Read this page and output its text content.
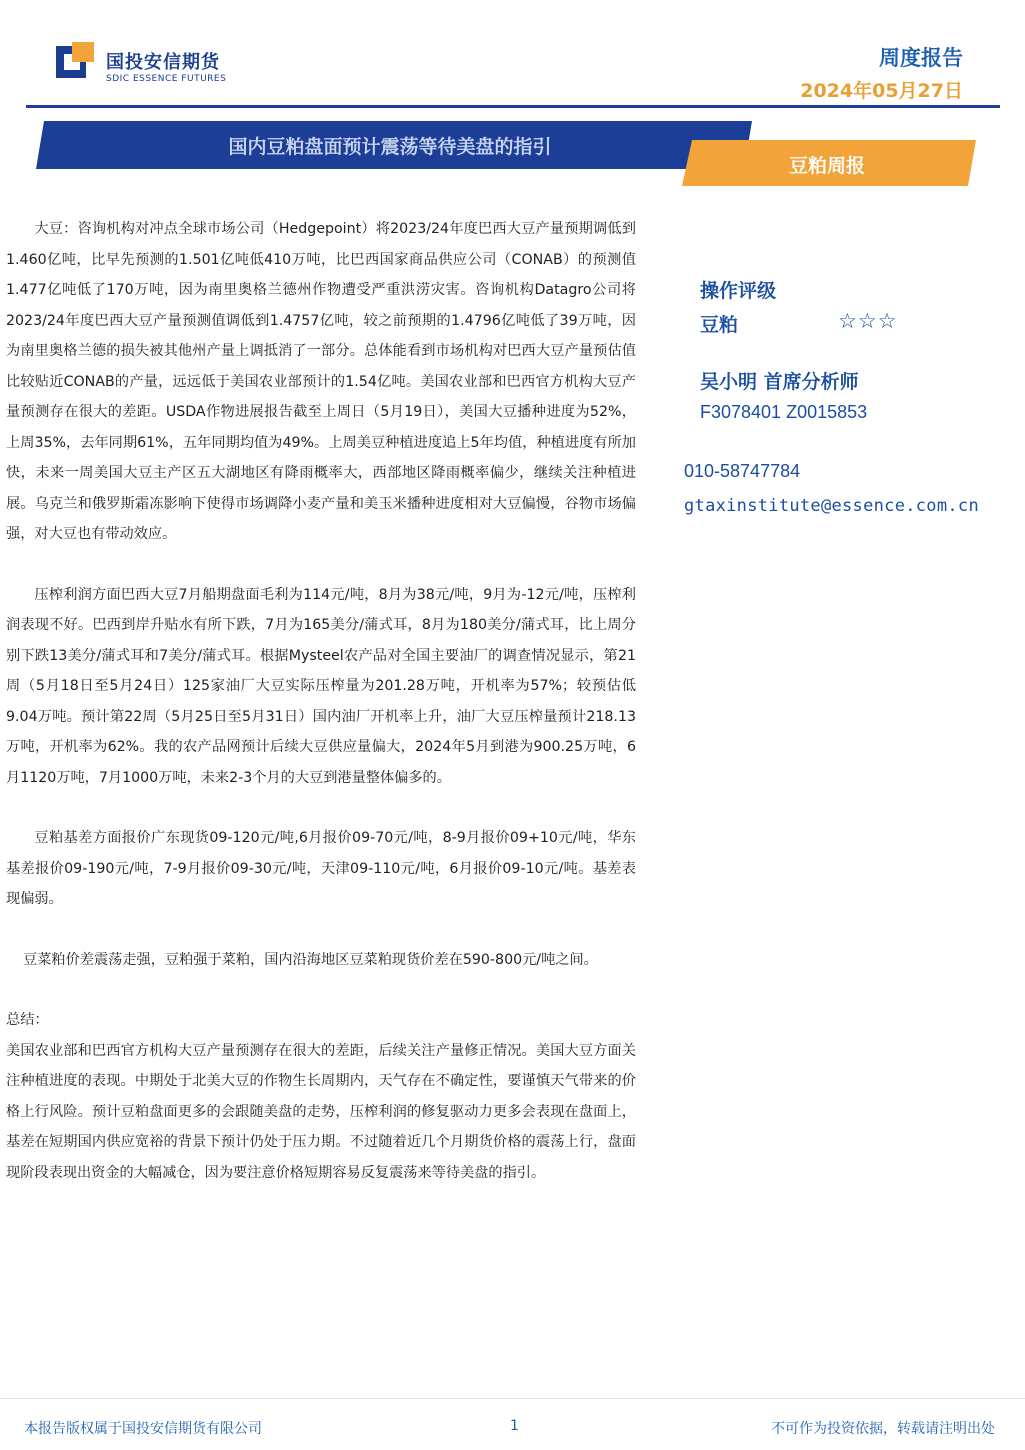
国投安信期货
SDIC ESSENCE FUTURES
周度报告
2024年05月27日
国内豆粕盘面预计震荡等待美盘的指引
豆粕周报

大豆：咨询机构对冲点全球市场公司（Hedgepoint）将2023/24年度巴西大豆产量预期调低到1.460亿吨，比早先预测的1.501亿吨低410万吨，比巴西国家商品供应公司（CONAB）的预测值1.477亿吨低了170万吨，因为南里奥格兰德州作物遭受严重洪涝灾害。咨询机构Datagro公司将2023/24年度巴西大豆产量预测值调低到1.4757亿吨，较之前预期的1.4796亿吨低了39万吨，因为南里奥格兰德的损失被其他州产量上调抵消了一部分。总体能看到市场机构对巴西大豆产量预估值比较贴近CONAB的产量，远远低于美国农业部预计的1.54亿吨。美国农业部和巴西官方机构大豆产量预测存在很大的差距。USDA作物进展报告截至上周日（5月19日），美国大豆播种进度为52%，上周35%，去年同期61%，五年同期均值为49%。上周美豆种植进度追上5年均值，种植进度有所加快，未来一周美国大豆主产区五大湖地区有降雨概率大，西部地区降雨概率偏少，继续关注种植进展。乌克兰和俄罗斯霜冻影响下使得市场调降小麦产量和美玉米播种进度相对大豆偏慢，谷物市场偏强，对大豆也有带动效应。

压榨利润方面巴西大豆7月船期盘面毛利为114元/吨，8月为38元/吨，9月为-12元/吨，压榨利润表现不好。巴西到岸升贴水有所下跌，7月为165美分/蒲式耳，8月为180美分/蒲式耳，比上周分别下跌13美分/蒲式耳和7美分/蒲式耳。根据Mysteel农产品对全国主要油厂的调查情况显示，第21周（5月18日至5月24日）125家油厂大豆实际压榨量为201.28万吨，开机率为57%；较预估低9.04万吨。预计第22周（5月25日至5月31日）国内油厂开机率上升，油厂大豆压榨量预计218.13万吨，开机率为62%。我的农产品网预计后续大豆供应量偏大，2024年5月到港为900.25万吨，6月1120万吨，7月1000万吨，未来2-3个月的大豆到港量整体偏多的。

豆粕基差方面报价广东现货09-120元/吨,6月报价09-70元/吨，8-9月报价09+10元/吨，华东基差报价09-190元/吨，7-9月报价09-30元/吨，天津09-110元/吨，6月报价09-10元/吨。基差表现偏弱。

豆菜粕价差震荡走强，豆粕强于菜粕，国内沿海地区豆菜粕现货价差在590-800元/吨之间。

总结：

美国农业部和巴西官方机构大豆产量预测存在很大的差距，后续关注产量修正情况。美国大豆方面关注种植进度的表现。中期处于北美大豆的作物生长周期内，天气存在不确定性，要谨慎天气带来的价格上行风险。预计豆粕盘面更多的会跟随美盘的走势，压榨利润的修复驱动力更多会表现在盘面上，基差在短期国内供应宽裕的背景下预计仍处于压力期。不过随着近几个月期货价格的震荡上行，盘面现阶段表现出资金的大幅减仓，因为要注意价格短期容易反复震荡来等待美盘的指引。

操作评级
豆粕	☆☆☆
吴小明 首席分析师
F3078401 Z0015853
010-58747784
gtaxinstitute@essence.com.cn
本报告版权属于国投安信期货有限公司	1	不可作为投资依据，转载请注明出处
